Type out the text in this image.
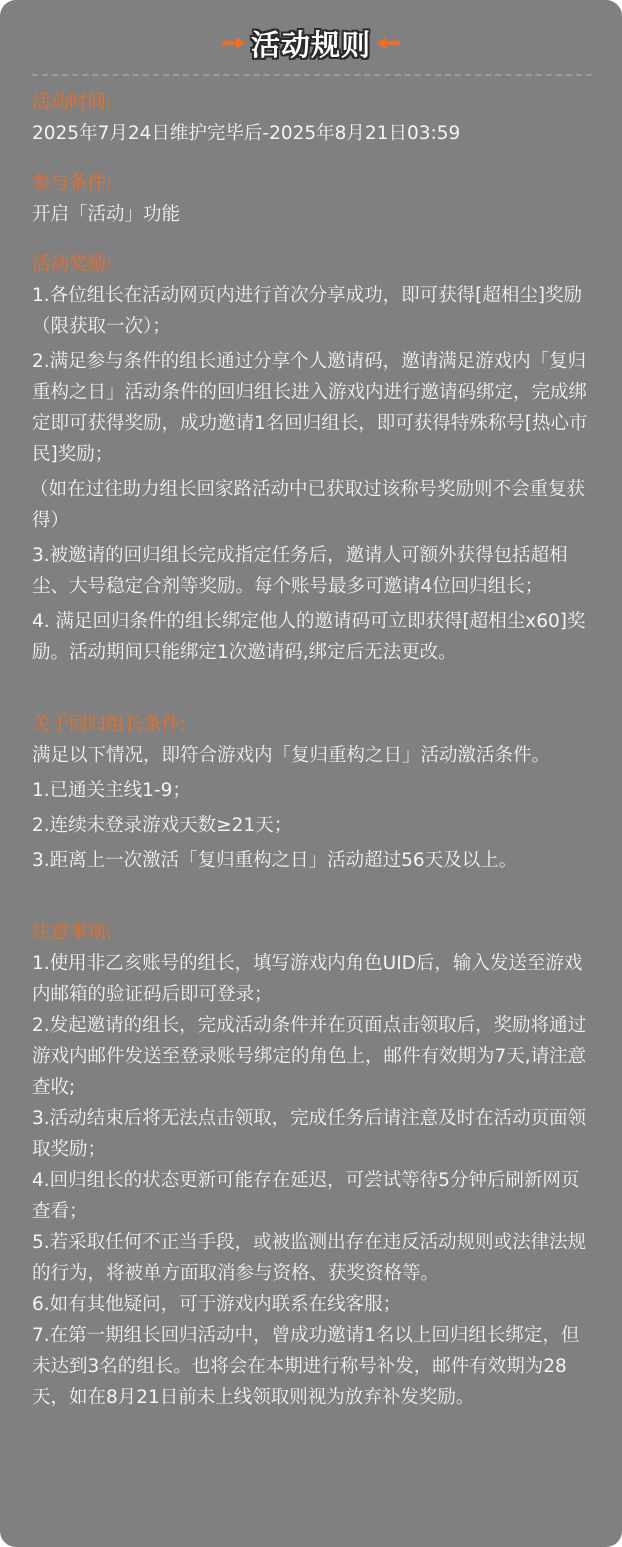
活动规则
活动时间:
2025年7月24日维护完毕后-2025年8月21日03:59
参与条件:
开启「活动」功能
活动奖励:
1.各位组长在活动网页内进行首次分享成功，即可获得[超相尘]奖励（限获取一次）；
2.满足参与条件的组长通过分享个人邀请码，邀请满足游戏内「复归重构之日」活动条件的回归组长进入游戏内进行邀请码绑定，完成绑定即可获得奖励，成功邀请1名回归组长，即可获得特殊称号[热心市民]奖励；
（如在过往助力组长回家路活动中已获取过该称号奖励则不会重复获得）
3.被邀请的回归组长完成指定任务后，邀请人可额外获得包括超相尘、大号稳定合剂等奖励。每个账号最多可邀请4位回归组长；
4. 满足回归条件的组长绑定他人的邀请码可立即获得[超相尘x60]奖励。活动期间只能绑定1次邀请码,绑定后无法更改。
关于回归组长条件:
满足以下情况，即符合游戏内「复归重构之日」活动激活条件。
1.已通关主线1-9；
2.连续未登录游戏天数≥21天；
3.距离上一次激活「复归重构之日」活动超过56天及以上。
注意事项:
1.使用非乙亥账号的组长，填写游戏内角色UID后，输入发送至游戏内邮箱的验证码后即可登录；
2.发起邀请的组长，完成活动条件并在页面点击领取后，奖励将通过游戏内邮件发送至登录账号绑定的角色上，邮件有效期为7天,请注意查收;
3.活动结束后将无法点击领取，完成任务后请注意及时在活动页面领取奖励；
4.回归组长的状态更新可能存在延迟，可尝试等待5分钟后刷新网页查看；
5.若采取任何不正当手段，或被监测出存在违反活动规则或法律法规的行为，将被单方面取消参与资格、获奖资格等。
6.如有其他疑问，可于游戏内联系在线客服；
7.在第一期组长回归活动中，曾成功邀请1名以上回归组长绑定，但未达到3名的组长。也将会在本期进行称号补发，邮件有效期为28天，如在8月21日前未上线领取则视为放弃补发奖励。
